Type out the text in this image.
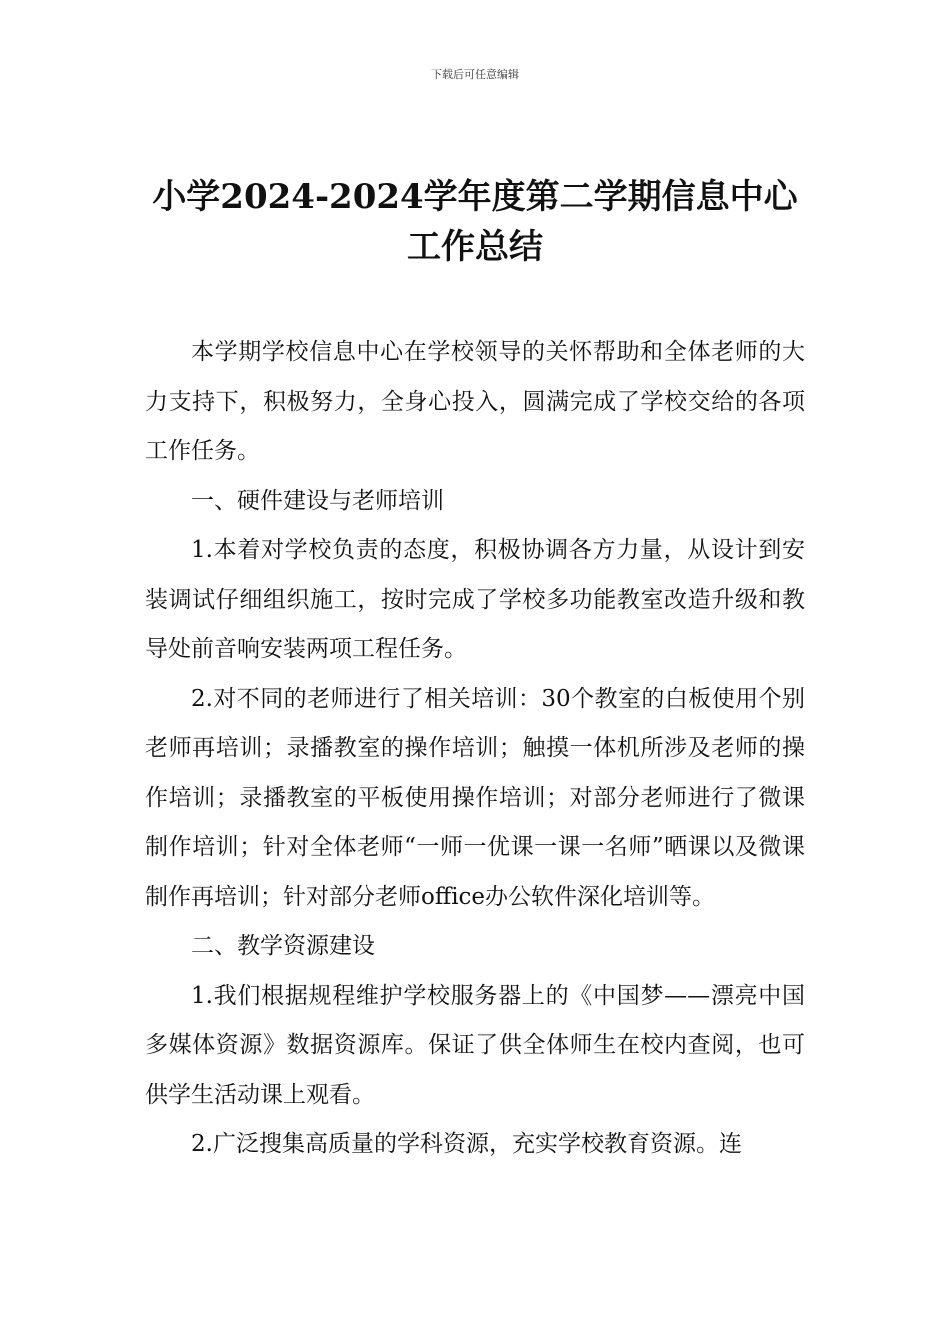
下载后可任意编辑
小学2024-2024学年度第二学期信息中心
工作总结

本学期学校信息中心在学校领导的关怀帮助和全体老师的大力支持下，积极努力，全身心投入，圆满完成了学校交给的各项工作任务。

一、硬件建设与老师培训

1.本着对学校负责的态度，积极协调各方力量，从设计到安装调试仔细组织施工，按时完成了学校多功能教室改造升级和教导处前音响安装两项工程任务。

2.对不同的老师进行了相关培训：30个教室的白板使用个别老师再培训；录播教室的操作培训；触摸一体机所涉及老师的操作培训；录播教室的平板使用操作培训；对部分老师进行了微课制作培训；针对全体老师“一师一优课一课一名师”晒课以及微课制作再培训；针对部分老师office办公软件深化培训等。

二、教学资源建设

1.我们根据规程维护学校服务器上的《中国梦——漂亮中国多媒体资源》数据资源库。保证了供全体师生在校内查阅，也可供学生活动课上观看。

2.广泛搜集高质量的学科资源，充实学校教育资源。连
